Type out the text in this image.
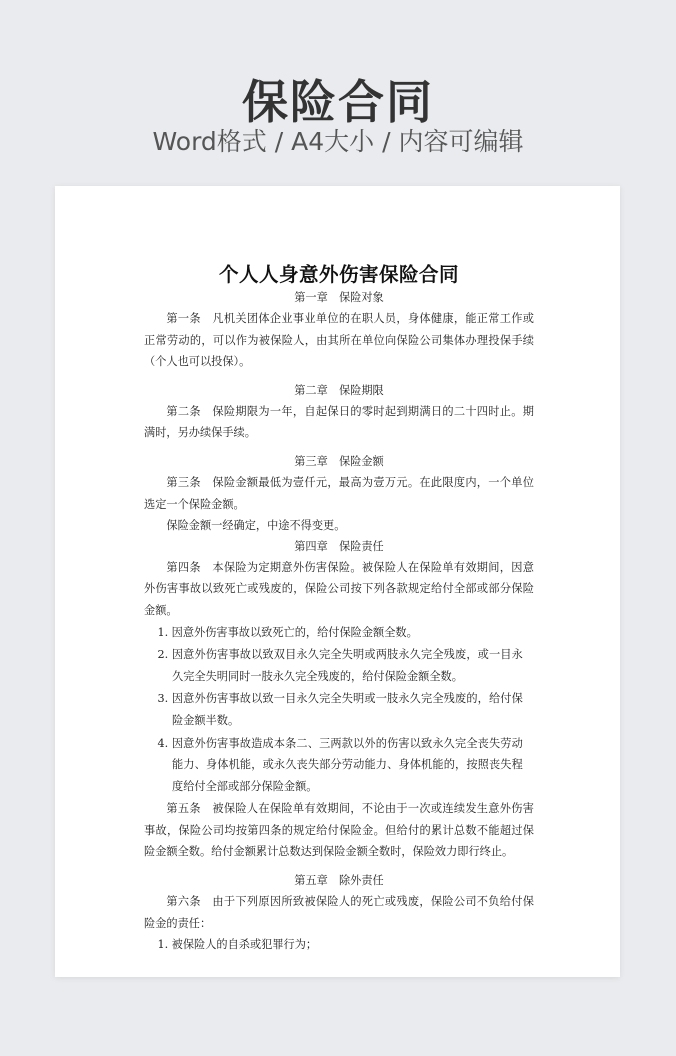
保险合同
Word格式 / A4大小 / 内容可编辑

个人人身意外伤害保险合同

第一章　保险对象

第一条　凡机关团体企业事业单位的在职人员，身体健康，能正常工作或正常劳动的，可以作为被保险人，由其所在单位向保险公司集体办理投保手续（个人也可以投保）。

第二章　保险期限

第二条　保险期限为一年，自起保日的零时起到期满日的二十四时止。期满时，另办续保手续。

第三章　保险金额

第三条　保险金额最低为壹仟元，最高为壹万元。在此限度内，一个单位选定一个保险金额。

保险金额一经确定，中途不得变更。

第四章　保险责任

第四条　本保险为定期意外伤害保险。被保险人在保险单有效期间，因意外伤害事故以致死亡或残废的，保险公司按下列各款规定给付全部或部分保险金额。

1. 因意外伤害事故以致死亡的，给付保险金额全数。

2. 因意外伤害事故以致双目永久完全失明或两肢永久完全残废，或一目永久完全失明同时一肢永久完全残废的，给付保险金额全数。

3. 因意外伤害事故以致一目永久完全失明或一肢永久完全残废的，给付保险金额半数。

4. 因意外伤害事故造成本条二、三两款以外的伤害以致永久完全丧失劳动能力、身体机能，或永久丧失部分劳动能力、身体机能的，按照丧失程度给付全部或部分保险金额。

第五条　被保险人在保险单有效期间，不论由于一次或连续发生意外伤害事故，保险公司均按第四条的规定给付保险金。但给付的累计总数不能超过保险金额全数。给付金额累计总数达到保险金额全数时，保险效力即行终止。

第五章　除外责任

第六条　由于下列原因所致被保险人的死亡或残废，保险公司不负给付保险金的责任：

1. 被保险人的自杀或犯罪行为；
